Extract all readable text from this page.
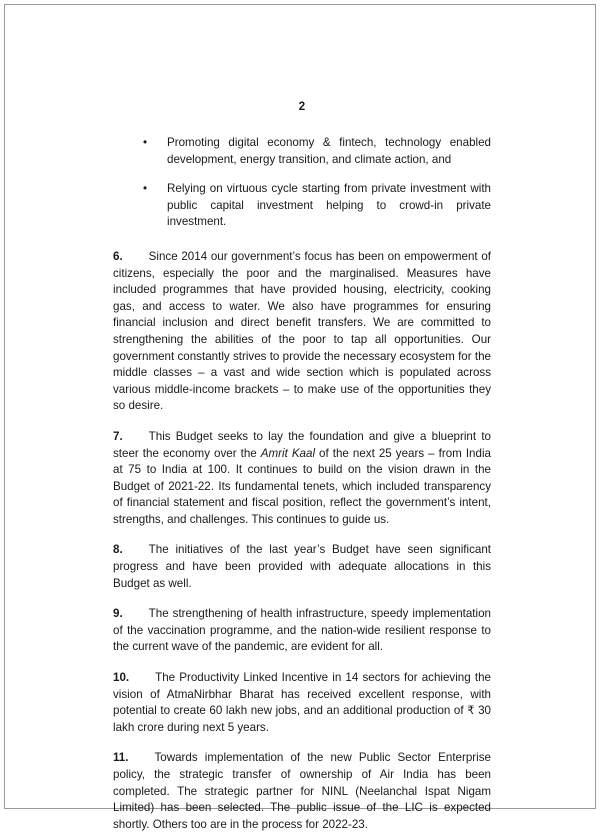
2
• Promoting digital economy & fintech, technology enabled development, energy transition, and climate action, and
• Relying on virtuous cycle starting from private investment with public capital investment helping to crowd-in private investment.

6. Since 2014 our government’s focus has been on empowerment of citizens, especially the poor and the marginalised. Measures have included programmes that have provided housing, electricity, cooking gas, and access to water. We also have programmes for ensuring financial inclusion and direct benefit transfers. We are committed to strengthening the abilities of the poor to tap all opportunities. Our government constantly strives to provide the necessary ecosystem for the middle classes – a vast and wide section which is populated across various middle-income brackets – to make use of the opportunities they so desire.

7. This Budget seeks to lay the foundation and give a blueprint to steer the economy over the Amrit Kaal of the next 25 years – from India at 75 to India at 100. It continues to build on the vision drawn in the Budget of 2021-22. Its fundamental tenets, which included transparency of financial statement and fiscal position, reflect the government’s intent, strengths, and challenges. This continues to guide us.

8. The initiatives of the last year’s Budget have seen significant progress and have been provided with adequate allocations in this Budget as well.

9. The strengthening of health infrastructure, speedy implementation of the vaccination programme, and the nation-wide resilient response to the current wave of the pandemic, are evident for all.

10. The Productivity Linked Incentive in 14 sectors for achieving the vision of AtmaNirbhar Bharat has received excellent response, with potential to create 60 lakh new jobs, and an additional production of ₹ 30 lakh crore during next 5 years.

11. Towards implementation of the new Public Sector Enterprise policy, the strategic transfer of ownership of Air India has been completed. The strategic partner for NINL (Neelanchal Ispat Nigam Limited) has been selected. The public issue of the LIC is expected shortly. Others too are in the process for 2022-23.
